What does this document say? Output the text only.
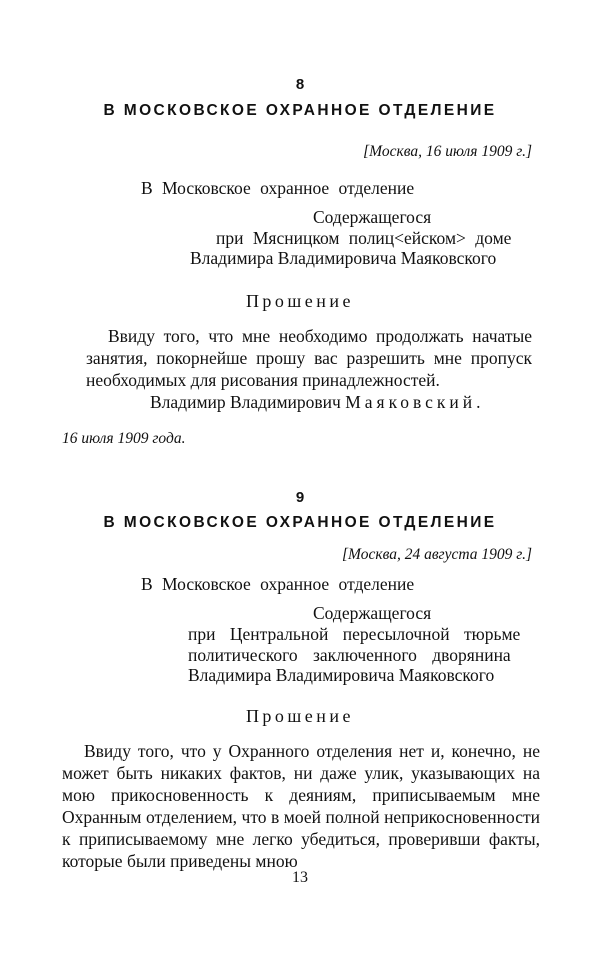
8
В МОСКОВСКОЕ ОХРАННОЕ ОТДЕЛЕНИЕ
[Москва, 16 июля 1909 г.]
В Московское охранное отделение
Содержащегося
при Мясницком полиц<ейском> доме
Владимира Владимировича Маяковского
Прошение

Ввиду того, что мне необходимо продолжать начатые занятия, покорнейше прошу вас разрешить мне пропуск необходимых для рисования принадлежностей.

Владимир Владимирович Маяковский.
16 июля 1909 года.
9
В МОСКОВСКОЕ ОХРАННОЕ ОТДЕЛЕНИЕ
[Москва, 24 августа 1909 г.]
В Московское охранное отделение
Содержащегося
при Центральной пересылочной тюрьме
политического заключенного дворянина
Владимира Владимировича Маяковского
Прошение

Ввиду того, что у Охранного отделения нет и, конечно, не может быть никаких фактов, ни даже улик, указывающих на мою прикосновенность к деяниям, приписываемым мне Охранным отделением, что в моей полной неприкосновенности к приписываемому мне легко убедиться, проверивши факты, которые были приведены мною

13
